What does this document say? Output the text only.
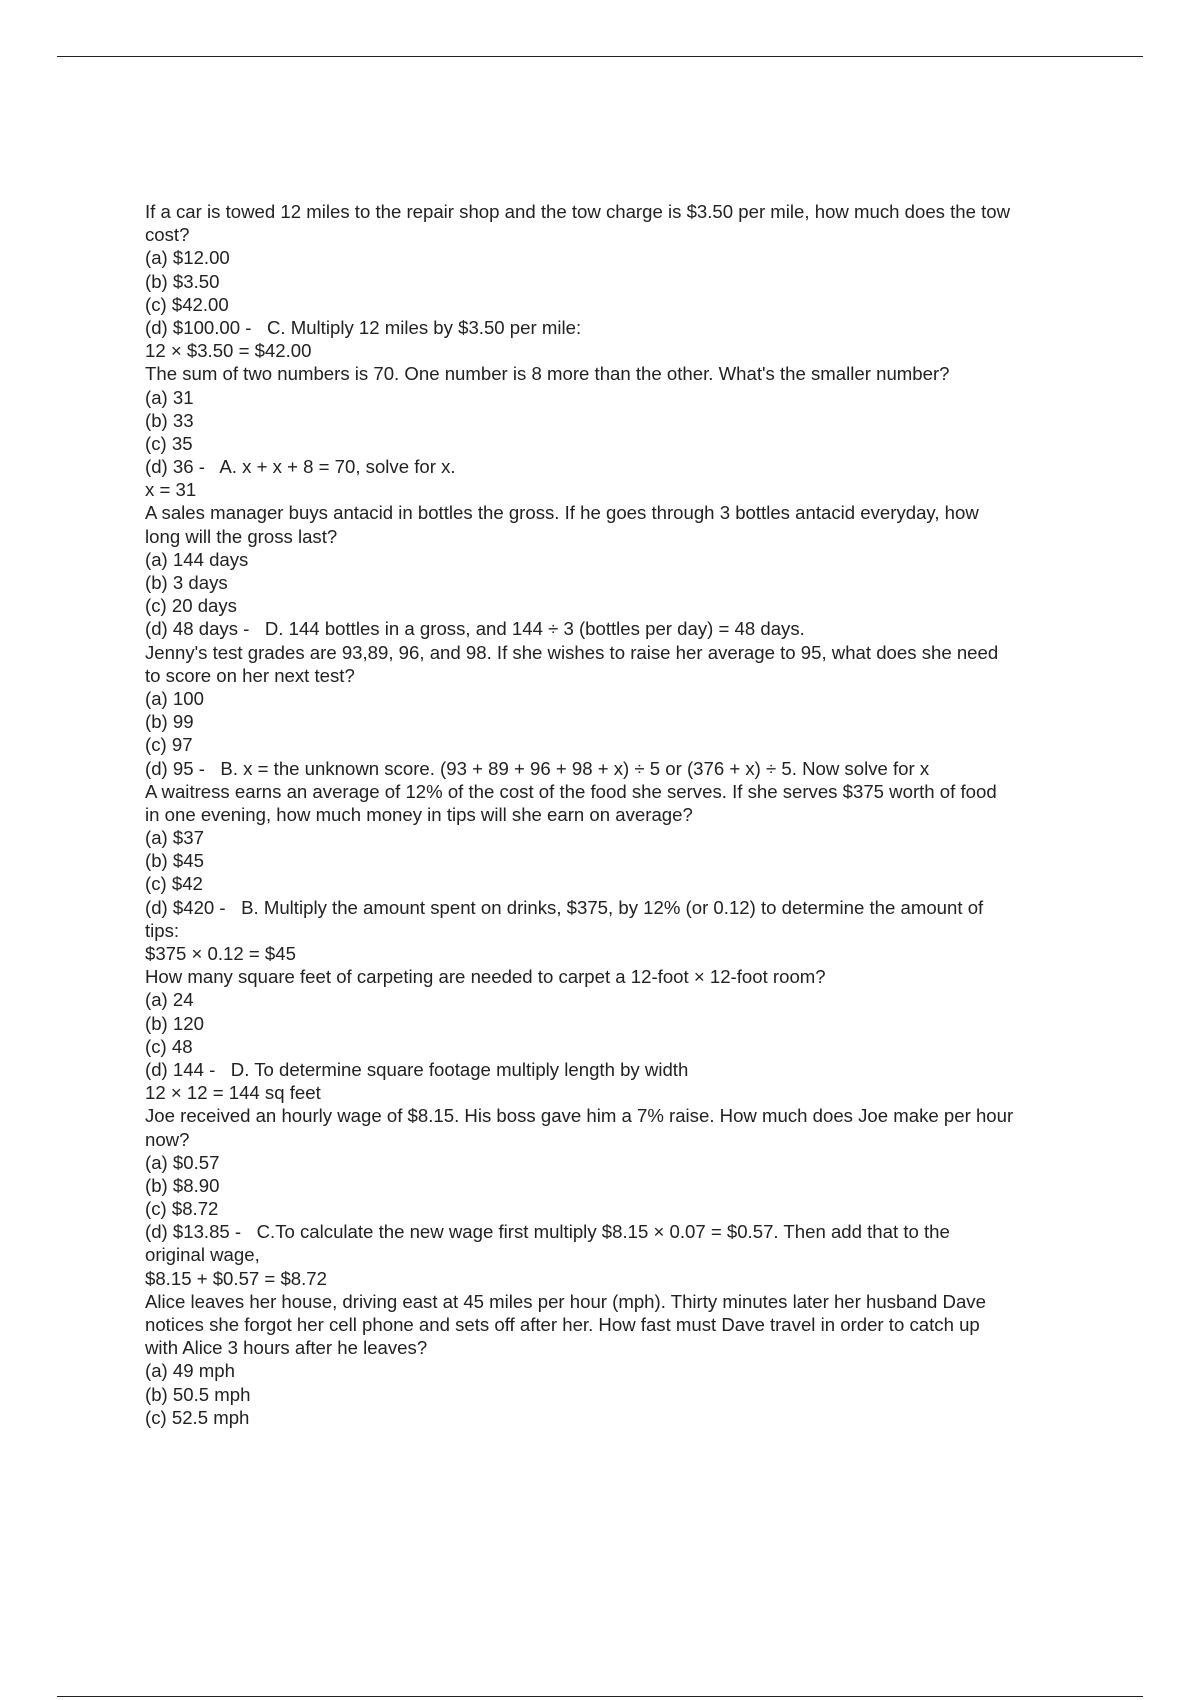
If a car is towed 12 miles to the repair shop and the tow charge is $3.50 per mile, how much does the tow
cost?
(a) $12.00
(b) $3.50
(c) $42.00
(d) $100.00 -   C. Multiply 12 miles by $3.50 per mile:
12 × $3.50 = $42.00
The sum of two numbers is 70. One number is 8 more than the other. What's the smaller number?
(a) 31
(b) 33
(c) 35
(d) 36 -   A. x + x + 8 = 70, solve for x.
x = 31
A sales manager buys antacid in bottles the gross. If he goes through 3 bottles antacid everyday, how
long will the gross last?
(a) 144 days
(b) 3 days
(c) 20 days
(d) 48 days -   D. 144 bottles in a gross, and 144 ÷ 3 (bottles per day) = 48 days.
Jenny's test grades are 93,89, 96, and 98. If she wishes to raise her average to 95, what does she need
to score on her next test?
(a) 100
(b) 99
(c) 97
(d) 95 -   B. x = the unknown score. (93 + 89 + 96 + 98 + x) ÷ 5 or (376 + x) ÷ 5. Now solve for x
A waitress earns an average of 12% of the cost of the food she serves. If she serves $375 worth of food
in one evening, how much money in tips will she earn on average?
(a) $37
(b) $45
(c) $42
(d) $420 -   B. Multiply the amount spent on drinks, $375, by 12% (or 0.12) to determine the amount of
tips:
$375 × 0.12 = $45
How many square feet of carpeting are needed to carpet a 12-foot × 12-foot room?
(a) 24
(b) 120
(c) 48
(d) 144 -   D. To determine square footage multiply length by width
12 × 12 = 144 sq feet
Joe received an hourly wage of $8.15. His boss gave him a 7% raise. How much does Joe make per hour
now?
(a) $0.57
(b) $8.90
(c) $8.72
(d) $13.85 -   C.To calculate the new wage first multiply $8.15 × 0.07 = $0.57. Then add that to the
original wage,
$8.15 + $0.57 = $8.72
Alice leaves her house, driving east at 45 miles per hour (mph). Thirty minutes later her husband Dave
notices she forgot her cell phone and sets off after her. How fast must Dave travel in order to catch up
with Alice 3 hours after he leaves?
(a) 49 mph
(b) 50.5 mph
(c) 52.5 mph
